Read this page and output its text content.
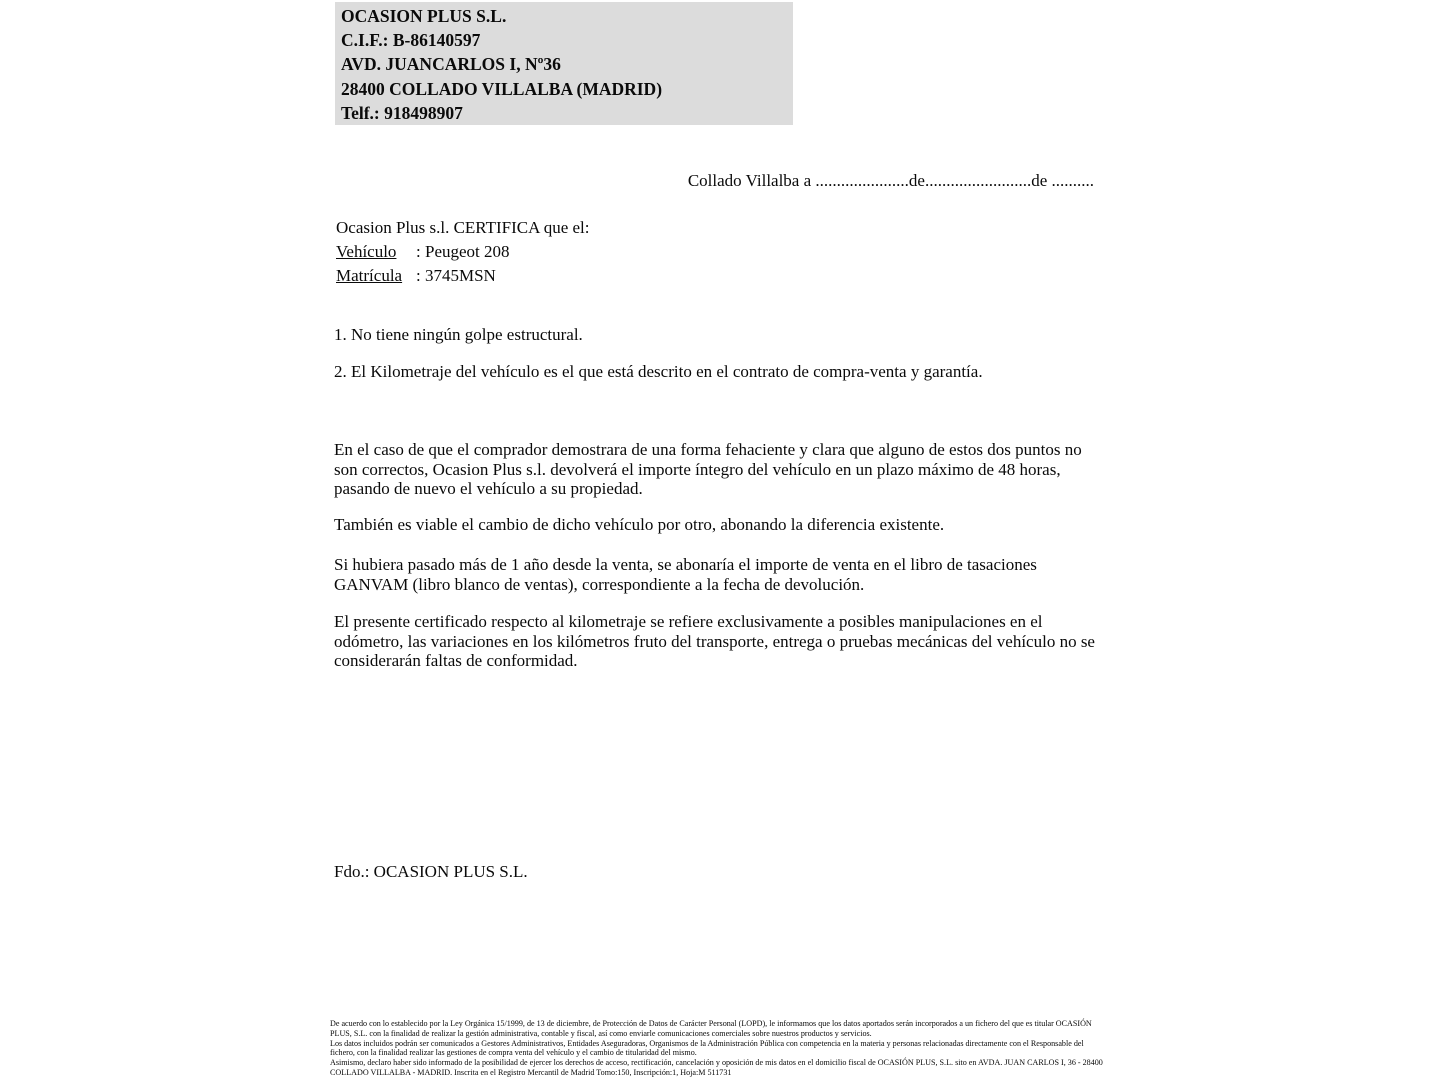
OCASION PLUS S.L.
C.I.F.: B-86140597
AVD. JUANCARLOS I, Nº36
28400 COLLADO VILLALBA (MADRID)
Telf.: 918498907
Collado Villalba a ......................de.........................de ..........
Ocasion Plus s.l. CERTIFICA que el:
Vehículo : Peugeot 208
Matrícula : 3745MSN
1. No tiene ningún golpe estructural.
2. El Kilometraje del vehículo es el que está descrito en el contrato de compra-venta y garantía.
En el caso de que el comprador demostrara de una forma fehaciente y clara que alguno de estos dos puntos no son correctos, Ocasion Plus s.l. devolverá el importe íntegro del vehículo en un plazo máximo de 48 horas, pasando de nuevo el vehículo a su propiedad.
También es viable el cambio de dicho vehículo por otro, abonando la diferencia existente.
Si hubiera pasado más de 1 año desde la venta, se abonaría el importe de venta en el libro de tasaciones GANVAM (libro blanco de ventas), correspondiente a la fecha de devolución.
El presente certificado respecto al kilometraje se refiere exclusivamente a posibles manipulaciones en el odómetro, las variaciones en los kilómetros fruto del transporte, entrega o pruebas mecánicas del vehículo no se considerarán faltas de conformidad.
Fdo.: OCASION PLUS S.L.

De acuerdo con lo establecido por la Ley Orgánica 15/1999, de 13 de diciembre, de Protección de Datos de Carácter Personal (LOPD), le informamos que los datos aportados serán incorporados a un fichero del que es titular OCASIÓN PLUS, S.L. con la finalidad de realizar la gestión administrativa, contable y fiscal, así como enviarle comunicaciones comerciales sobre nuestros productos y servicios.

Los datos incluidos podrán ser comunicados a Gestores Administrativos, Entidades Aseguradoras, Organismos de la Administración Pública con competencia en la materia y personas relacionadas directamente con el Responsable del fichero, con la finalidad realizar las gestiones de compra venta del vehículo y el cambio de titularidad del mismo.

Asimismo, declaro haber sido informado de la posibilidad de ejercer los derechos de acceso, rectificación, cancelación y oposición de mis datos en el domicilio fiscal de OCASIÓN PLUS, S.L. sito en AVDA. JUAN CARLOS I, 36 - 28400 COLLADO VILLALBA - MADRID. Inscrita en el Registro Mercantil de Madrid Tomo:150, Inscripción:1, Hoja:M 511731
